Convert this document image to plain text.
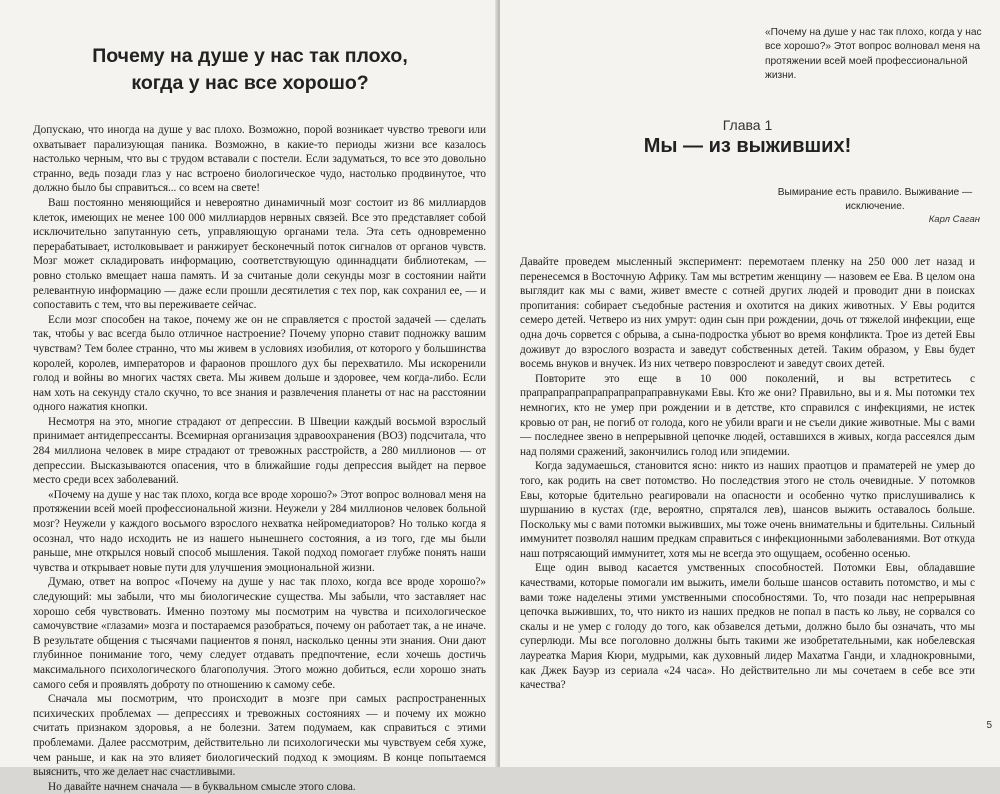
Почему на душе у нас так плохо,
когда у нас все хорошо?

Допускаю, что иногда на душе у вас плохо. Возможно, порой возникает чувство тревоги или охватывает парализующая паника. Возможно, в какие-то периоды жизни все казалось настолько черным, что вы с трудом вставали с постели. Если задуматься, то все это довольно странно, ведь позади глаз у нас встроено биологическое чудо, настолько продвинутое, что должно было бы справиться... со всем на свете!

Ваш постоянно меняющийся и невероятно динамичный мозг состоит из 86 миллиардов клеток, имеющих не менее 100 000 миллиардов нервных связей. Все это представляет собой исключительно запутанную сеть, управляющую органами тела. Эта сеть одновременно перерабатывает, истолковывает и ранжирует бесконечный поток сигналов от органов чувств. Мозг может складировать информацию, соответствующую одиннадцати библиотекам, — ровно столько вмещает наша память. И за считаные доли секунды мозг в состоянии найти релевантную информацию — даже если прошли десятилетия с тех пор, как сохранил ее, — и сопоставить с тем, что вы переживаете сейчас.

Если мозг способен на такое, почему же он не справляется с простой задачей — сделать так, чтобы у вас всегда было отличное настроение? Почему упорно ставит подножку вашим чувствам? Тем более странно, что мы живем в условиях изобилия, от которого у большинства королей, королев, императоров и фараонов прошлого дух бы перехватило. Мы искоренили голод и войны во многих частях света. Мы живем дольше и здоровее, чем когда-либо. Если нам хоть на секунду стало скучно, то все знания и развлечения планеты от нас на расстоянии одного нажатия кнопки.

Несмотря на это, многие страдают от депрессии. В Швеции каждый восьмой взрослый принимает антидепрессанты. Всемирная организация здравоохранения (ВОЗ) подсчитала, что 284 миллиона человек в мире страдают от тревожных расстройств, а 280 миллионов — от депрессии. Высказываются опасения, что в ближайшие годы депрессия выйдет на первое место среди всех заболеваний.

«Почему на душе у нас так плохо, когда все вроде хорошо?» Этот вопрос волновал меня на протяжении всей моей профессиональной жизни. Неужели у 284 миллионов человек больной мозг? Неужели у каждого восьмого взрослого нехватка нейромедиаторов? Но только когда я осознал, что надо исходить не из нашего нынешнего состояния, а из того, где мы были раньше, мне открылся новый способ мышления. Такой подход помогает глубже понять наши чувства и открывает новые пути для улучшения эмоциональной жизни.

Думаю, ответ на вопрос «Почему на душе у нас так плохо, когда все вроде хорошо?» следующий: мы забыли, что мы биологические существа. Мы забыли, что заставляет нас хорошо себя чувствовать. Именно поэтому мы посмотрим на чувства и психологическое самочувствие «глазами» мозга и постараемся разобраться, почему он работает так, а не иначе. В результате общения с тысячами пациентов я понял, насколько ценны эти знания. Они дают глубинное понимание того, чему следует отдавать предпочтение, если хочешь достичь максимального психологического благополучия. Этого можно добиться, если хорошо знать самого себя и проявлять доброту по отношению к самому себе.

Сначала мы посмотрим, что происходит в мозге при самых распространенных психических проблемах — депрессиях и тревожных состояниях — и почему их можно считать признаком здоровья, а не болезни. Затем подумаем, как справиться с этими проблемами. Далее рассмотрим, действительно ли психологически мы чувствуем себя хуже, чем раньше, и как на это влияет биологический подход к эмоциям. В конце попытаемся выяснить, что же делает нас счастливыми.

Но давайте начнем сначала — в буквальном смысле этого слова.

«Почему на душе у нас так плохо, когда у нас все хорошо?» Этот вопрос волновал меня на протяжении всей моей профессиональной жизни.

Глава 1

Мы — из выживших!

Вымирание есть правило. Выживание — исключение.

Карл Саган

Давайте проведем мысленный эксперимент: перемотаем пленку на 250 000 лет назад и перенесемся в Восточную Африку. Там мы встретим женщину — назовем ее Ева. В целом она выглядит как мы с вами, живет вместе с сотней других людей и проводит дни в поисках пропитания: собирает съедобные растения и охотится на диких животных. У Евы родится семеро детей. Четверо из них умрут: один сын при рождении, дочь от тяжелой инфекции, еще одна дочь сорвется с обрыва, а сына-подростка убьют во время конфликта. Трое из детей Евы доживут до взрослого возраста и заведут собственных детей. Таким образом, у Евы будет восемь внуков и внучек. Из них четверо повзрослеют и заведут своих детей.

Повторите это еще в 10 000 поколений, и вы встретитесь с прапрапрапрапрапрапрапраправнуками Евы. Кто же они? Правильно, вы и я. Мы потомки тех немногих, кто не умер при рождении и в детстве, кто справился с инфекциями, не истек кровью от ран, не погиб от голода, кого не убили враги и не съели дикие животные. Мы с вами — последнее звено в непрерывной цепочке людей, оставшихся в живых, когда рассеялся дым над полями сражений, закончились голод или эпидемии.

Когда задумаешься, становится ясно: никто из наших праотцов и праматерей не умер до того, как родить на свет потомство. Но последствия этого не столь очевидные. У потомков Евы, которые бдительно реагировали на опасности и особенно чутко прислушивались к шуршанию в кустах (где, вероятно, спрятался лев), шансов выжить оставалось больше. Поскольку мы с вами потомки выживших, мы тоже очень внимательны и бдительны. Сильный иммунитет позволял нашим предкам справиться с инфекционными заболеваниями. Вот откуда наш потрясающий иммунитет, хотя мы не всегда это ощущаем, особенно осенью.

Еще один вывод касается умственных способностей. Потомки Евы, обладавшие качествами, которые помогали им выжить, имели больше шансов оставить потомство, и мы с вами тоже наделены этими умственными способностями. То, что позади нас непрерывная цепочка выживших, то, что никто из наших предков не попал в пасть ко льву, не сорвался со скалы и не умер с голоду до того, как обзавелся детьми, должно было бы означать, что мы суперлюди. Мы все поголовно должны быть такими же изобретательными, как нобелевская лауреатка Мария Кюри, мудрыми, как духовный лидер Махатма Ганди, и хладнокровными, как Джек Бауэр из сериала «24 часа». Но действительно ли мы сочетаем в себе все эти качества?

5
